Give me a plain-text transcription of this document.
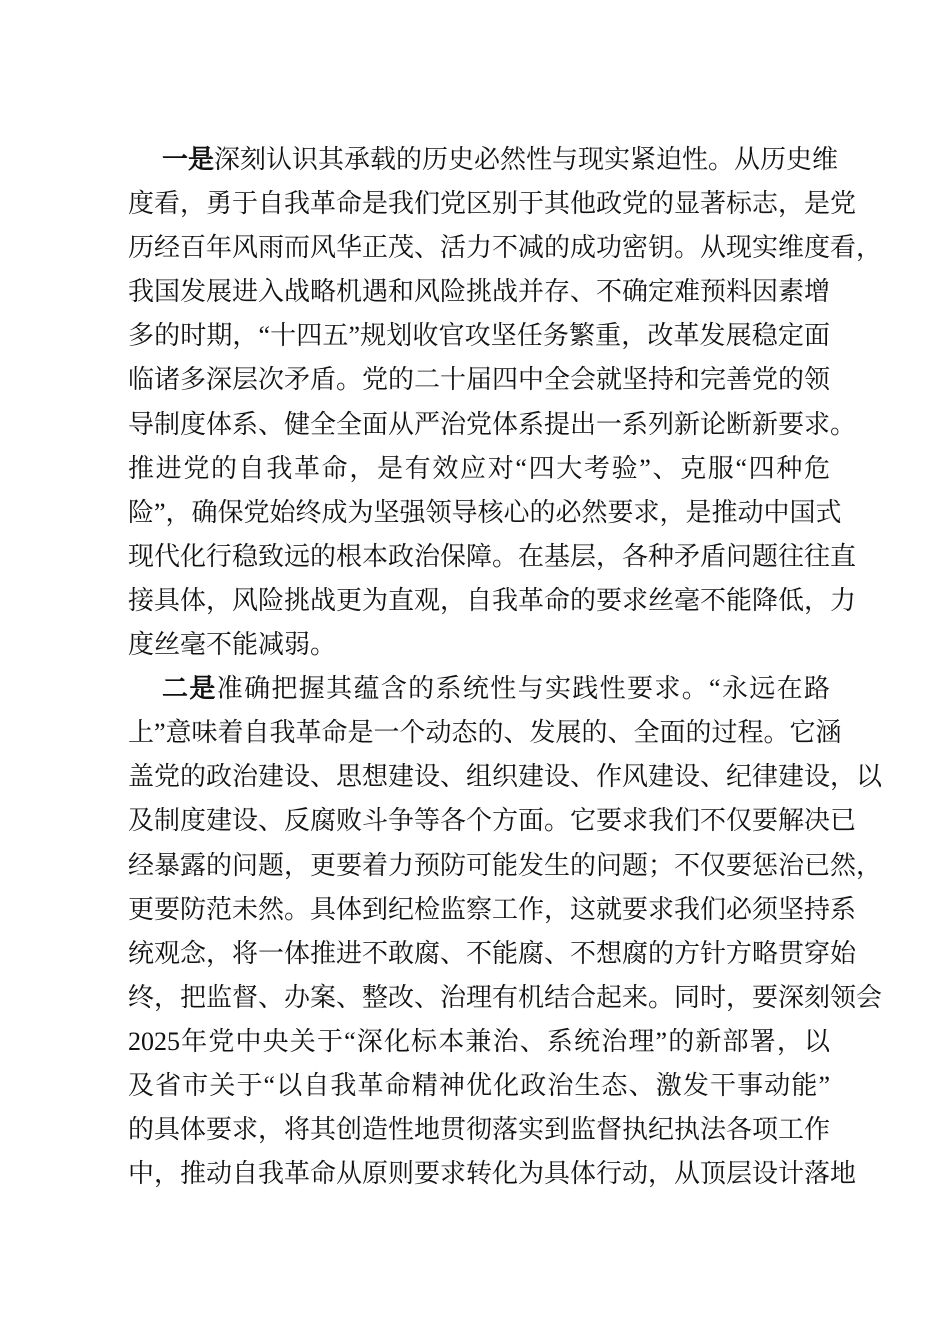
一是深刻认识其承载的历史必然性与现实紧迫性。从历史维
度看，勇于自我革命是我们党区别于其他政党的显著标志，是党
历经百年风雨而风华正茂、活力不减的成功密钥。从现实维度看，
我国发展进入战略机遇和风险挑战并存、不确定难预料因素增
多的时期，“十四五”规划收官攻坚任务繁重，改革发展稳定面
临诸多深层次矛盾。党的二十届四中全会就坚持和完善党的领
导制度体系、健全全面从严治党体系提出一系列新论断新要求。
推进党的自我革命，是有效应对“四大考验”、克服“四种危
险”，确保党始终成为坚强领导核心的必然要求，是推动中国式
现代化行稳致远的根本政治保障。在基层，各种矛盾问题往往直
接具体，风险挑战更为直观，自我革命的要求丝毫不能降低，力
度丝毫不能减弱。
二是准确把握其蕴含的系统性与实践性要求。“永远在路
上”意味着自我革命是一个动态的、发展的、全面的过程。它涵
盖党的政治建设、思想建设、组织建设、作风建设、纪律建设，以
及制度建设、反腐败斗争等各个方面。它要求我们不仅要解决已
经暴露的问题，更要着力预防可能发生的问题；不仅要惩治已然，
更要防范未然。具体到纪检监察工作，这就要求我们必须坚持系
统观念，将一体推进不敢腐、不能腐、不想腐的方针方略贯穿始
终，把监督、办案、整改、治理有机结合起来。同时，要深刻领会
2025年党中央关于“深化标本兼治、系统治理”的新部署，以
及省市关于“以自我革命精神优化政治生态、激发干事动能”
的具体要求，将其创造性地贯彻落实到监督执纪执法各项工作
中，推动自我革命从原则要求转化为具体行动，从顶层设计落地
